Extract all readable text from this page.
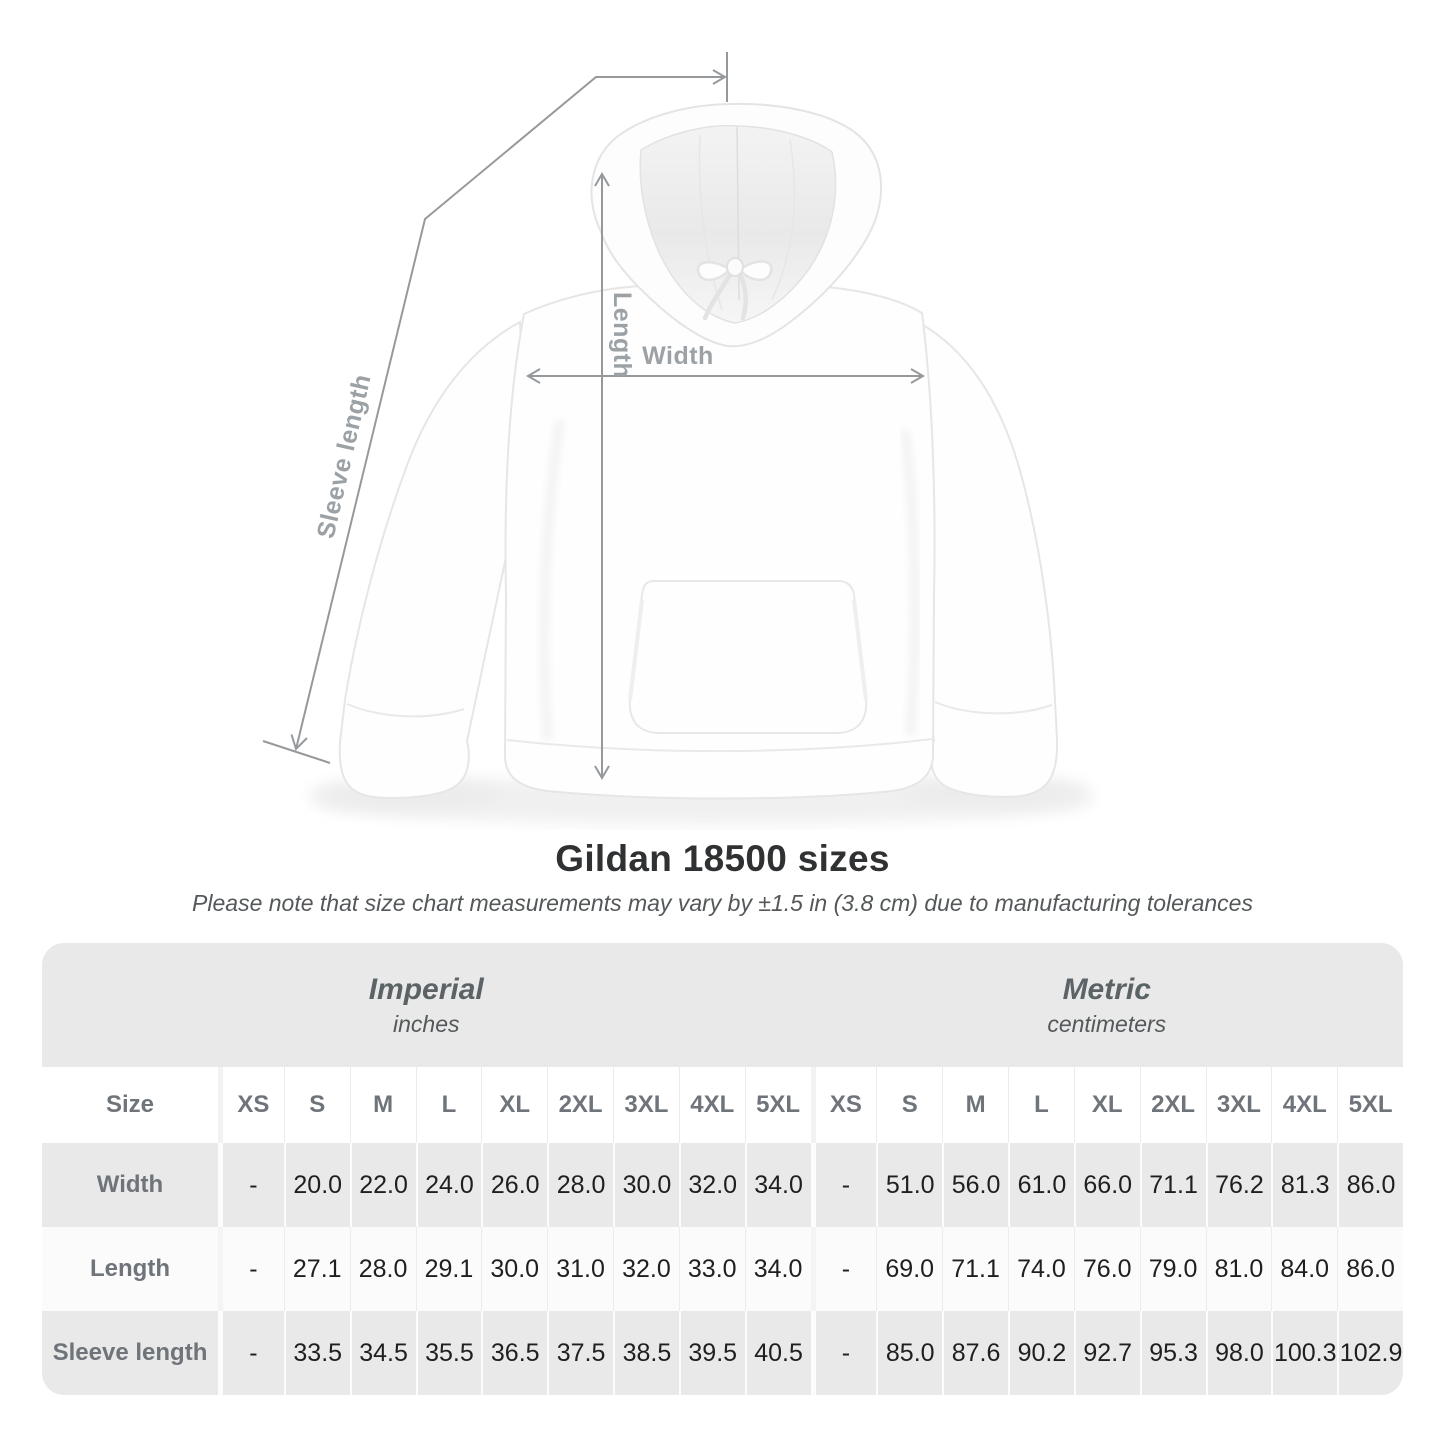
Length Width
Sleeve length
Gildan 18500 sizes

Please note that size chart measurements may vary by ±1.5 in (3.8 cm) due to manufacturing tolerances

Imperial
inches
Metric
centimeters
Size	XS	S	M	L	XL	2XL 3XL 4XL 5XL	XS	S	M	L	XL	2XL 3XL 4XL 5XL
Width	-	20.0 22.0 24.0 26.0 28.0 30.0 32.0 34.0	-	51.0 56.0 61.0 66.0 71.1 76.2 81.3 86.0
Length	-	27.1 28.0 29.1 30.0 31.0 32.0 33.0 34.0	-	69.0 71.1 74.0 76.0 79.0 81.0 84.0 86.0
Sleeve length	-	33.5 34.5 35.5 36.5 37.5 38.5 39.5 40.5	-	85.0 87.6 90.2 92.7 95.3 98.0 100.3 102.9
